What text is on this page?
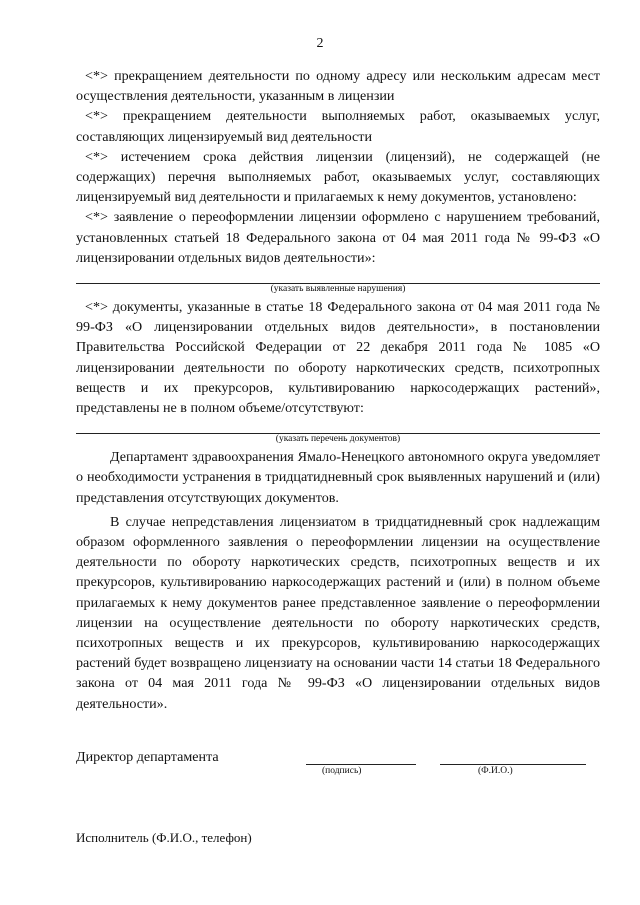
2

<*> прекращением деятельности по одному адресу или нескольким адресам мест осуществления деятельности, указанным в лицензии

<*> прекращением деятельности выполняемых работ, оказываемых услуг, составляющих лицензируемый вид деятельности

<*> истечением срока действия лицензии (лицензий), не содержащей (не содержащих) перечня выполняемых работ, оказываемых услуг, составляющих лицензируемый вид деятельности и прилагаемых к нему документов, установлено:

<*> заявление о переоформлении лицензии оформлено с нарушением требований, установленных статьей 18 Федерального закона от 04 мая 2011 года № 99-ФЗ «О лицензировании отдельных видов деятельности»:

(указать выявленные нарушения)

<*> документы, указанные в статье 18 Федерального закона от 04 мая 2011 года № 99-ФЗ «О лицензировании отдельных видов деятельности», в постановлении Правительства Российской Федерации от 22 декабря 2011 года № 1085 «О лицензировании деятельности по обороту наркотических средств, психотропных веществ и их прекурсоров, культивированию наркосодержащих растений», представлены не в полном объеме/отсутствуют:

(указать перечень документов)

Департамент здравоохранения Ямало-Ненецкого автономного округа уведомляет о необходимости устранения в тридцатидневный срок выявленных нарушений и (или) представления отсутствующих документов.

В случае непредставления лицензиатом в тридцатидневный срок надлежащим образом оформленного заявления о переоформлении лицензии на осуществление деятельности по обороту наркотических средств, психотропных веществ и их прекурсоров, культивированию наркосодержащих растений и (или) в полном объеме прилагаемых к нему документов ранее представленное заявление о переоформлении лицензии на осуществление деятельности по обороту наркотических средств, психотропных веществ и их прекурсоров, культивированию наркосодержащих растений будет возвращено лицензиату на основании части 14 статьи 18 Федерального закона от 04 мая 2011 года № 99-ФЗ «О лицензировании отдельных видов деятельности».

Директор департамента
(подпись)	(Ф.И.О.)
Исполнитель (Ф.И.О., телефон)
